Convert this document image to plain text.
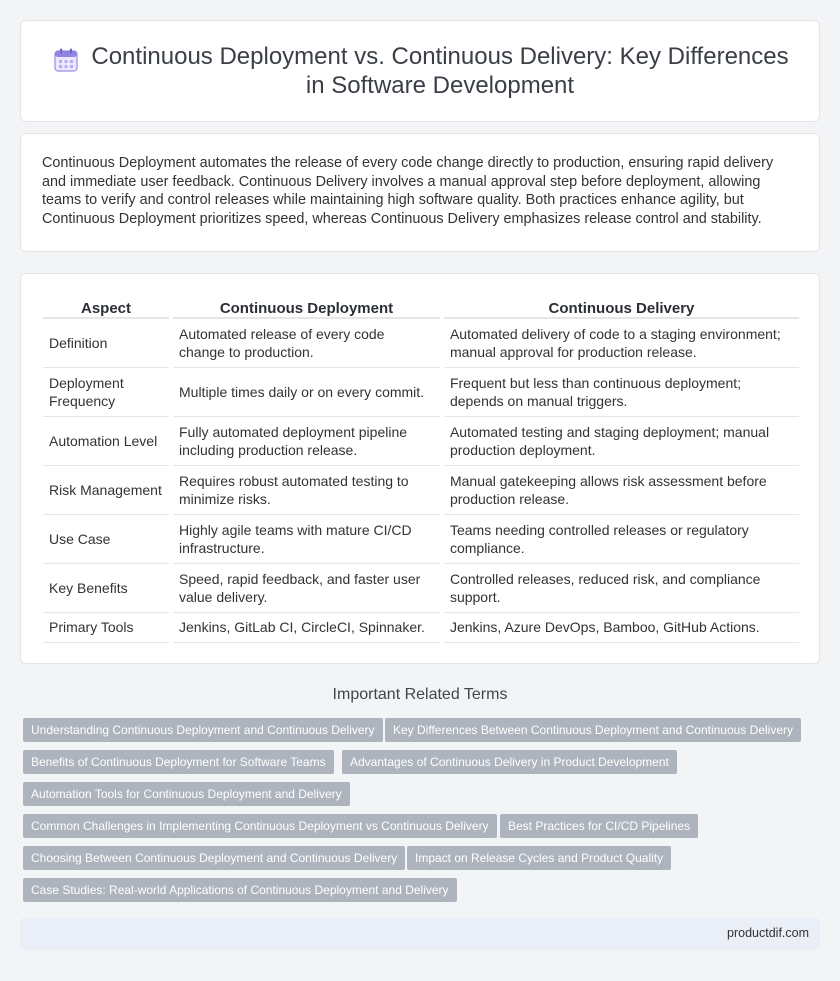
Continuous Deployment vs. Continuous Delivery: Key Differences in Software Development

Continuous Deployment automates the release of every code change directly to production, ensuring rapid delivery and immediate user feedback. Continuous Delivery involves a manual approval step before deployment, allowing teams to verify and control releases while maintaining high software quality. Both practices enhance agility, but Continuous Deployment prioritizes speed, whereas Continuous Delivery emphasizes release control and stability.

Aspect	Continuous Deployment	Continuous Delivery
Definition	Automated release of every code change to production.	Automated delivery of code to a staging environment; manual approval for production release.
Deployment Frequency	Multiple times daily or on every commit.	Frequent but less than continuous deployment; depends on manual triggers.
Automation Level	Fully automated deployment pipeline including production release.	Automated testing and staging deployment; manual production deployment.
Risk Management	Requires robust automated testing to minimize risks.	Manual gatekeeping allows risk assessment before production release.
Use Case	Highly agile teams with mature CI/CD infrastructure.	Teams needing controlled releases or regulatory compliance.
Key Benefits	Speed, rapid feedback, and faster user value delivery.	Controlled releases, reduced risk, and compliance support.
Primary Tools	Jenkins, GitLab CI, CircleCI, Spinnaker.	Jenkins, Azure DevOps, Bamboo, GitHub Actions.
Important Related Terms
Understanding Continuous Deployment and Continuous Delivery	Key Differences Between Continuous Deployment and Continuous Delivery
Benefits of Continuous Deployment for Software Teams	Advantages of Continuous Delivery in Product Development
Automation Tools for Continuous Deployment and Delivery
Common Challenges in Implementing Continuous Deployment vs Continuous Delivery	Best Practices for CI/CD Pipelines
Choosing Between Continuous Deployment and Continuous Delivery	Impact on Release Cycles and Product Quality
Case Studies: Real-world Applications of Continuous Deployment and Delivery
productdif.com
